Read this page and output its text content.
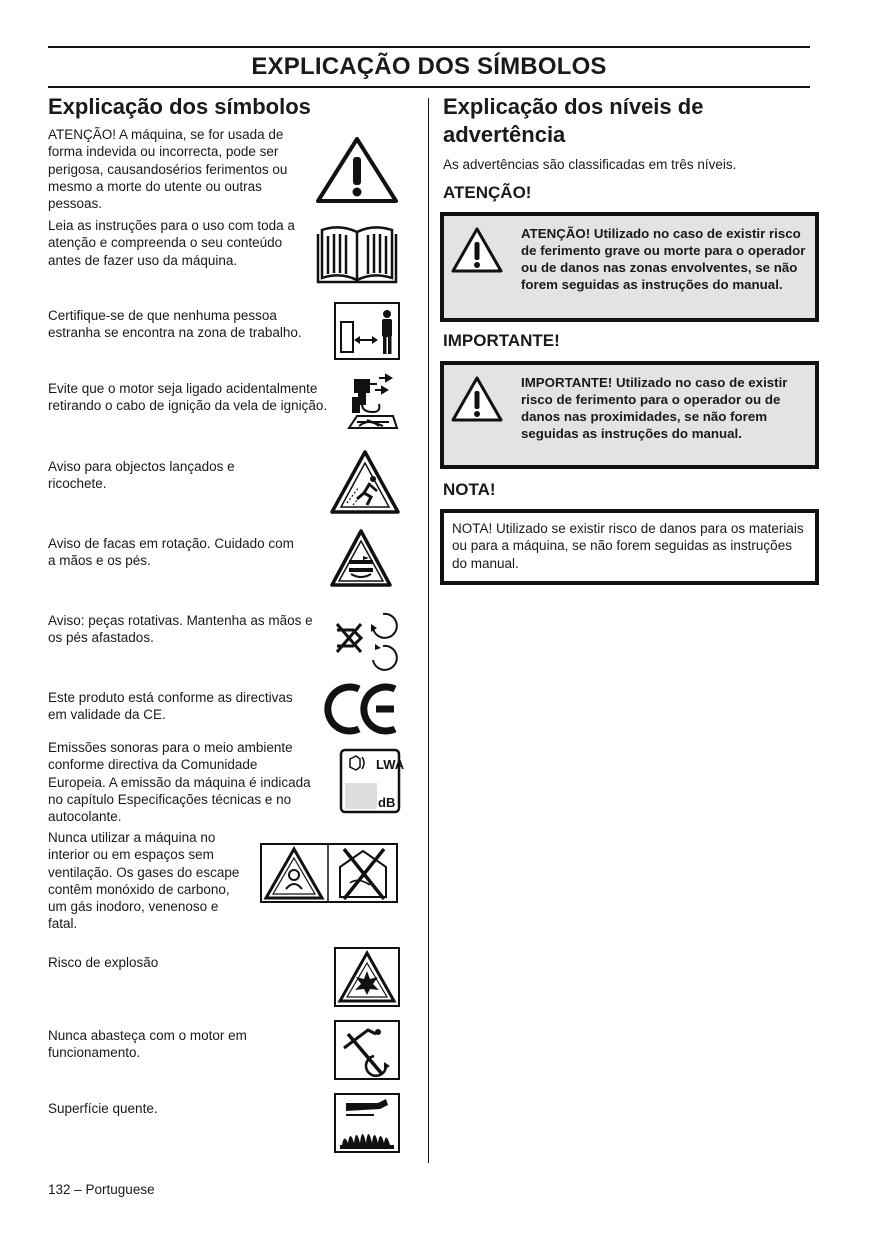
EXPLICAÇÃO DOS SÍMBOLOS
Explicação dos símbolos
ATENÇÃO! A máquina, se for usada de forma indevida ou incorrecta, pode ser perigosa, causandosérios ferimentos ou mesmo a morte do utente ou outras pessoas.
Leia as instruções para o uso com toda a atenção e compreenda o seu conteúdo antes de fazer uso da máquina.
Certifique-se de que nenhuma pessoa estranha se encontra na zona de trabalho.
Evite que o motor seja ligado acidentalmente retirando o cabo de ignição da vela de ignição.
Aviso para objectos lançados e ricochete.
Aviso de facas em rotação. Cuidado com a mãos e os pés.
Aviso: peças rotativas. Mantenha as mãos e os pés afastados.
Este produto está conforme as directivas em validade da CE.
Emissões sonoras para o meio ambiente conforme directiva da Comunidade Europeia. A emissão da máquina é indicada no capítulo Especificações técnicas e no autocolante.
LWA
dB
Nunca utilizar a máquina no interior ou em espaços sem ventilação. Os gases do escape contêm monóxido de carbono, um gás inodoro, venenoso e fatal.
Risco de explosão
Nunca abasteça com o motor em funcionamento.
Superfície quente.
Explicação dos níveis de advertência
As advertências são classificadas em três níveis.
ATENÇÃO!
ATENÇÃO! Utilizado no caso de existir risco de ferimento grave ou morte para o operador ou de danos nas zonas envolventes, se não forem seguidas as instruções do manual.
IMPORTANTE!
IMPORTANTE! Utilizado no caso de existir risco de ferimento para o operador ou de danos nas proximidades, se não forem seguidas as instruções do manual.
NOTA!
NOTA! Utilizado se existir risco de danos para os materiais ou para a máquina, se não forem seguidas as instruções do manual.
132 – Portuguese
